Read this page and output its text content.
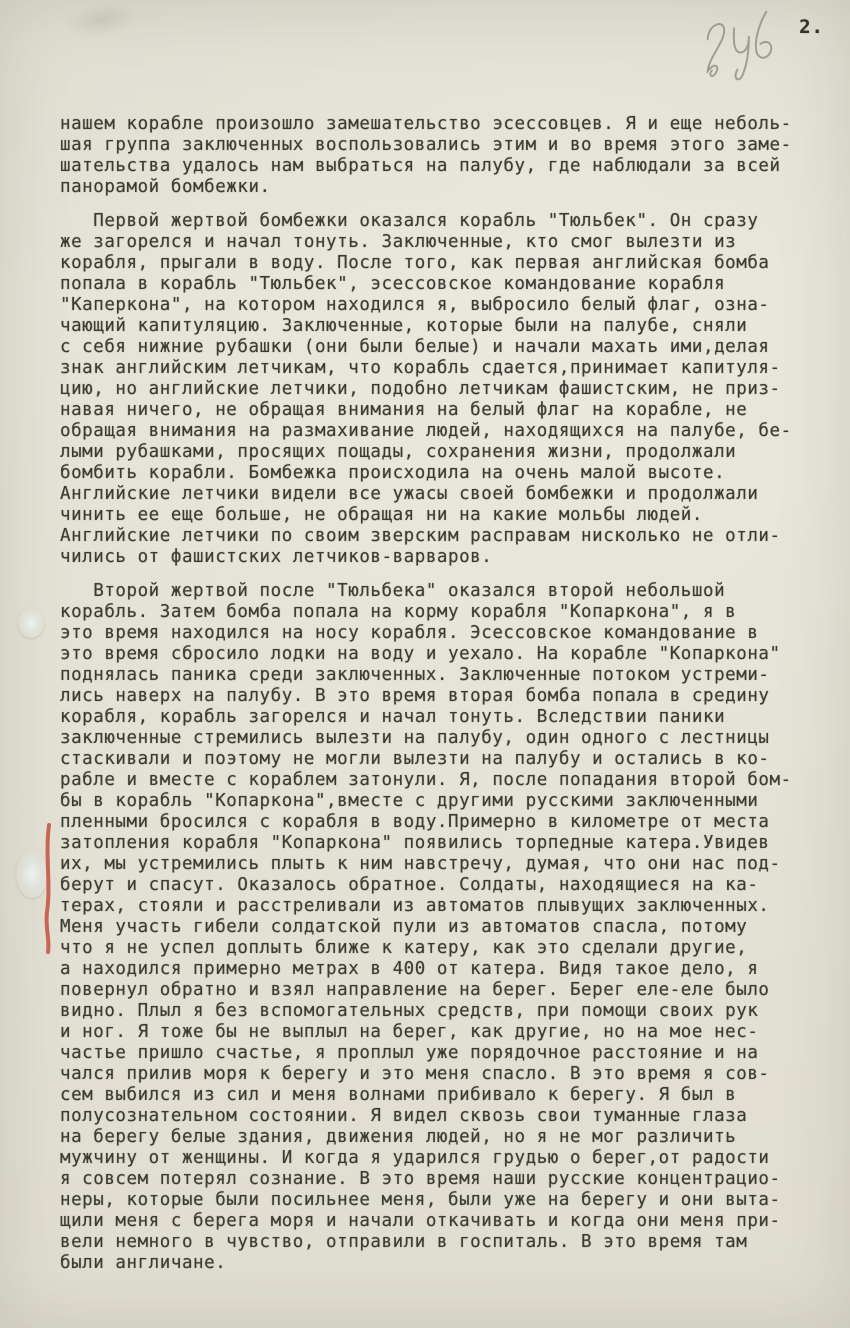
2.
нашем корабле произошло замешательство эсессовцев. Я и еще неболь-
шая группа заключенных воспользовались этим и во время этого заме-
шательства удалось нам выбраться на палубу, где наблюдали за всей
панорамой бомбежки.
Первой жертвой бомбежки оказался корабль "Тюльбек". Он сразу
же загорелся и начал тонуть. Заключенные, кто смог вылезти из
корабля, прыгали в воду. После того, как первая английская бомба
попала в корабль "Тюльбек", эсессовское командование корабля
"Каперкона", на котором находился я, выбросило белый флаг, озна-
чающий капитуляцию. Заключенные, которые были на палубе, сняли
с себя нижние рубашки (они были белые) и начали махать ими,делая
знак английским летчикам, что корабль сдается,принимает капитуля-
цию, но английские летчики, подобно летчикам фашистским, не приз-
навая ничего, не обращая внимания на белый флаг на корабле, не
обращая внимания на размахивание людей, находящихся на палубе, бе-
лыми рубашками, просящих пощады, сохранения жизни, продолжали
бомбить корабли. Бомбежка происходила на очень малой высоте.
Английские летчики видели все ужасы своей бомбежки и продолжали
чинить ее еще больше, не обращая ни на какие мольбы людей.
Английские летчики по своим зверским расправам нисколько не отли-
чились от фашистских летчиков-варваров.
Второй жертвой после "Тюльбека" оказался второй небольшой
корабль. Затем бомба попала на корму корабля "Копаркона", я в
это время находился на носу корабля. Эсессовское командование в
это время сбросило лодки на воду и уехало. На корабле "Копаркона"
поднялась паника среди заключенных. Заключенные потоком устреми-
лись наверх на палубу. В это время вторая бомба попала в средину
корабля, корабль загорелся и начал тонуть. Вследствии паники
заключенные стремились вылезти на палубу, один одного с лестницы
стаскивали и поэтому не могли вылезти на палубу и остались в ко-
рабле и вместе с кораблем затонули. Я, после попадания второй бом-
бы в корабль "Копаркона",вместе с другими русскими заключенными
пленными бросился с корабля в воду.Примерно в километре от места
затопления корабля "Копаркона" появились торпедные катера.Увидев
их, мы устремились плыть к ним навстречу, думая, что они нас под-
берут и спасут. Оказалось обратное. Солдаты, находящиеся на ка-
терах, стояли и расстреливали из автоматов плывущих заключенных.
Меня участь гибели солдатской пули из автоматов спасла, потому
что я не успел доплыть ближе к катеру, как это сделали другие,
а находился примерно метрах в 400 от катера. Видя такое дело, я
повернул обратно и взял направление на берег. Берег еле-еле было
видно. Плыл я без вспомогательных средств, при помощи своих рук
и ног. Я тоже бы не выплыл на берег, как другие, но на мое нес-
частье пришло счастье, я проплыл уже порядочное расстояние и на
чался прилив моря к берегу и это меня спасло. В это время я сов-
сем выбился из сил и меня волнами прибивало к берегу. Я был в
полусознательном состоянии. Я видел сквозь свои туманные глаза
на берегу белые здания, движения людей, но я не мог различить
мужчину от женщины. И когда я ударился грудью о берег,от радости
я совсем потерял сознание. В это время наши русские концентрацио-
неры, которые были посильнее меня, были уже на берегу и они выта-
щили меня с берега моря и начали откачивать и когда они меня при-
вели немного в чувство, отправили в госпиталь. В это время там
были англичане.
